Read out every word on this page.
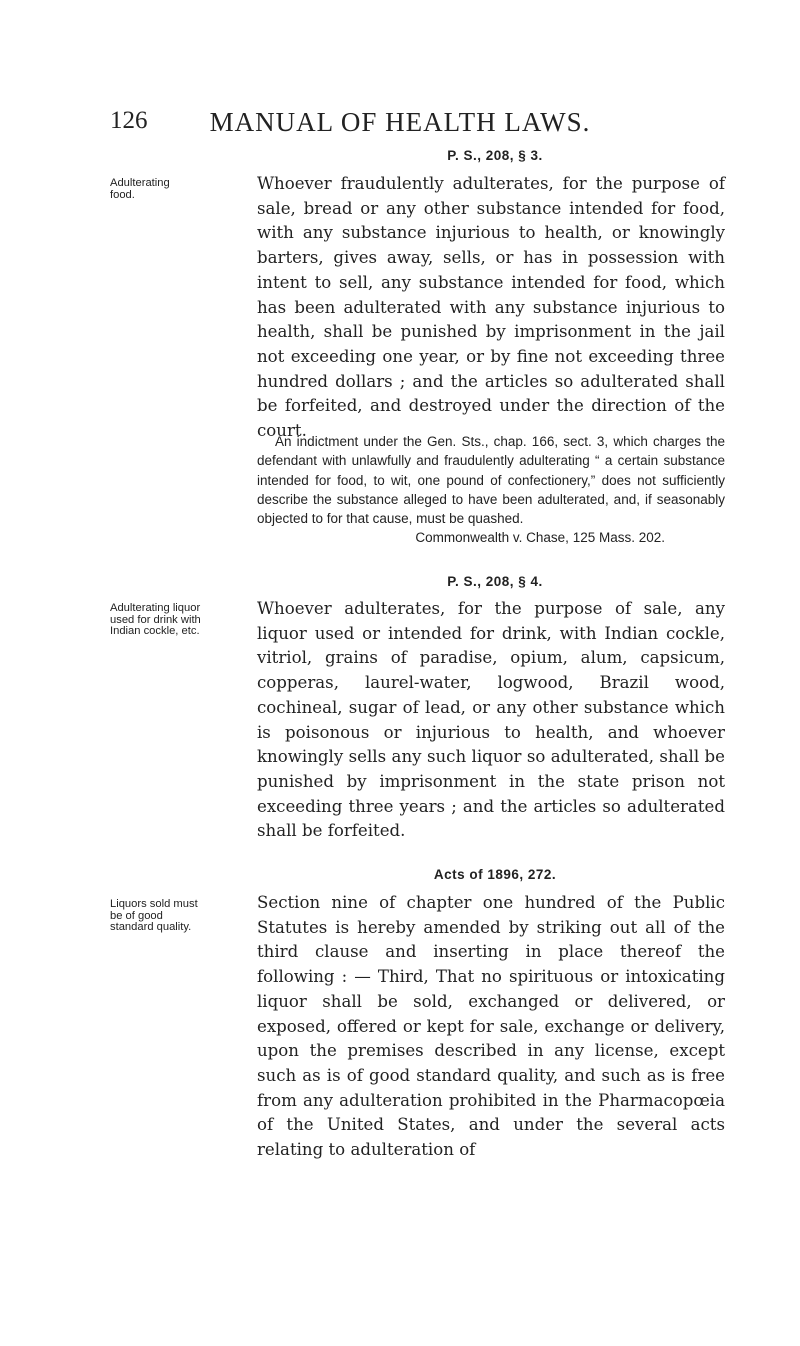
126	MANUAL OF HEALTH LAWS.
P. S., 208, § 3.
Adulterating food.
Whoever fraudulently adulterates, for the purpose of sale, bread or any other substance intended for food, with any substance injurious to health, or knowingly barters, gives away, sells, or has in possession with intent to sell, any substance intended for food, which has been adulterated with any substance injurious to health, shall be punished by imprisonment in the jail not exceeding one year, or by fine not exceeding three hundred dollars ; and the articles so adulterated shall be forfeited, and destroyed under the direction of the court.

An indictment under the Gen. Sts., chap. 166, sect. 3, which charges the defendant with unlawfully and fraudulently adulterating “ a certain substance intended for food, to wit, one pound of confectionery,” does not sufficiently describe the substance alleged to have been adulterated, and, if seasonably objected to for that cause, must be quashed.

Commonwealth v. Chase, 125 Mass. 202.

P. S., 208, § 4.
Adulterating liquor used for drink with Indian cockle, etc.
Whoever adulterates, for the purpose of sale, any liquor used or intended for drink, with Indian cockle, vitriol, grains of paradise, opium, alum, capsicum, copperas, laurel-water, logwood, Brazil wood, cochineal, sugar of lead, or any other substance which is poisonous or injurious to health, and whoever knowingly sells any such liquor so adulterated, shall be punished by imprisonment in the state prison not exceeding three years ; and the articles so adulterated shall be forfeited.
Acts of 1896, 272.
Liquors sold must be of good standard quality.
Section nine of chapter one hundred of the Public Statutes is hereby amended by striking out all of the third clause and inserting in place thereof the following : — Third, That no spirituous or intoxicating liquor shall be sold, exchanged or delivered, or exposed, offered or kept for sale, exchange or delivery, upon the premises described in any license, except such as is of good standard quality, and such as is free from any adulteration prohibited in the Pharmacopœia of the United States, and under the several acts relating to adulteration of
